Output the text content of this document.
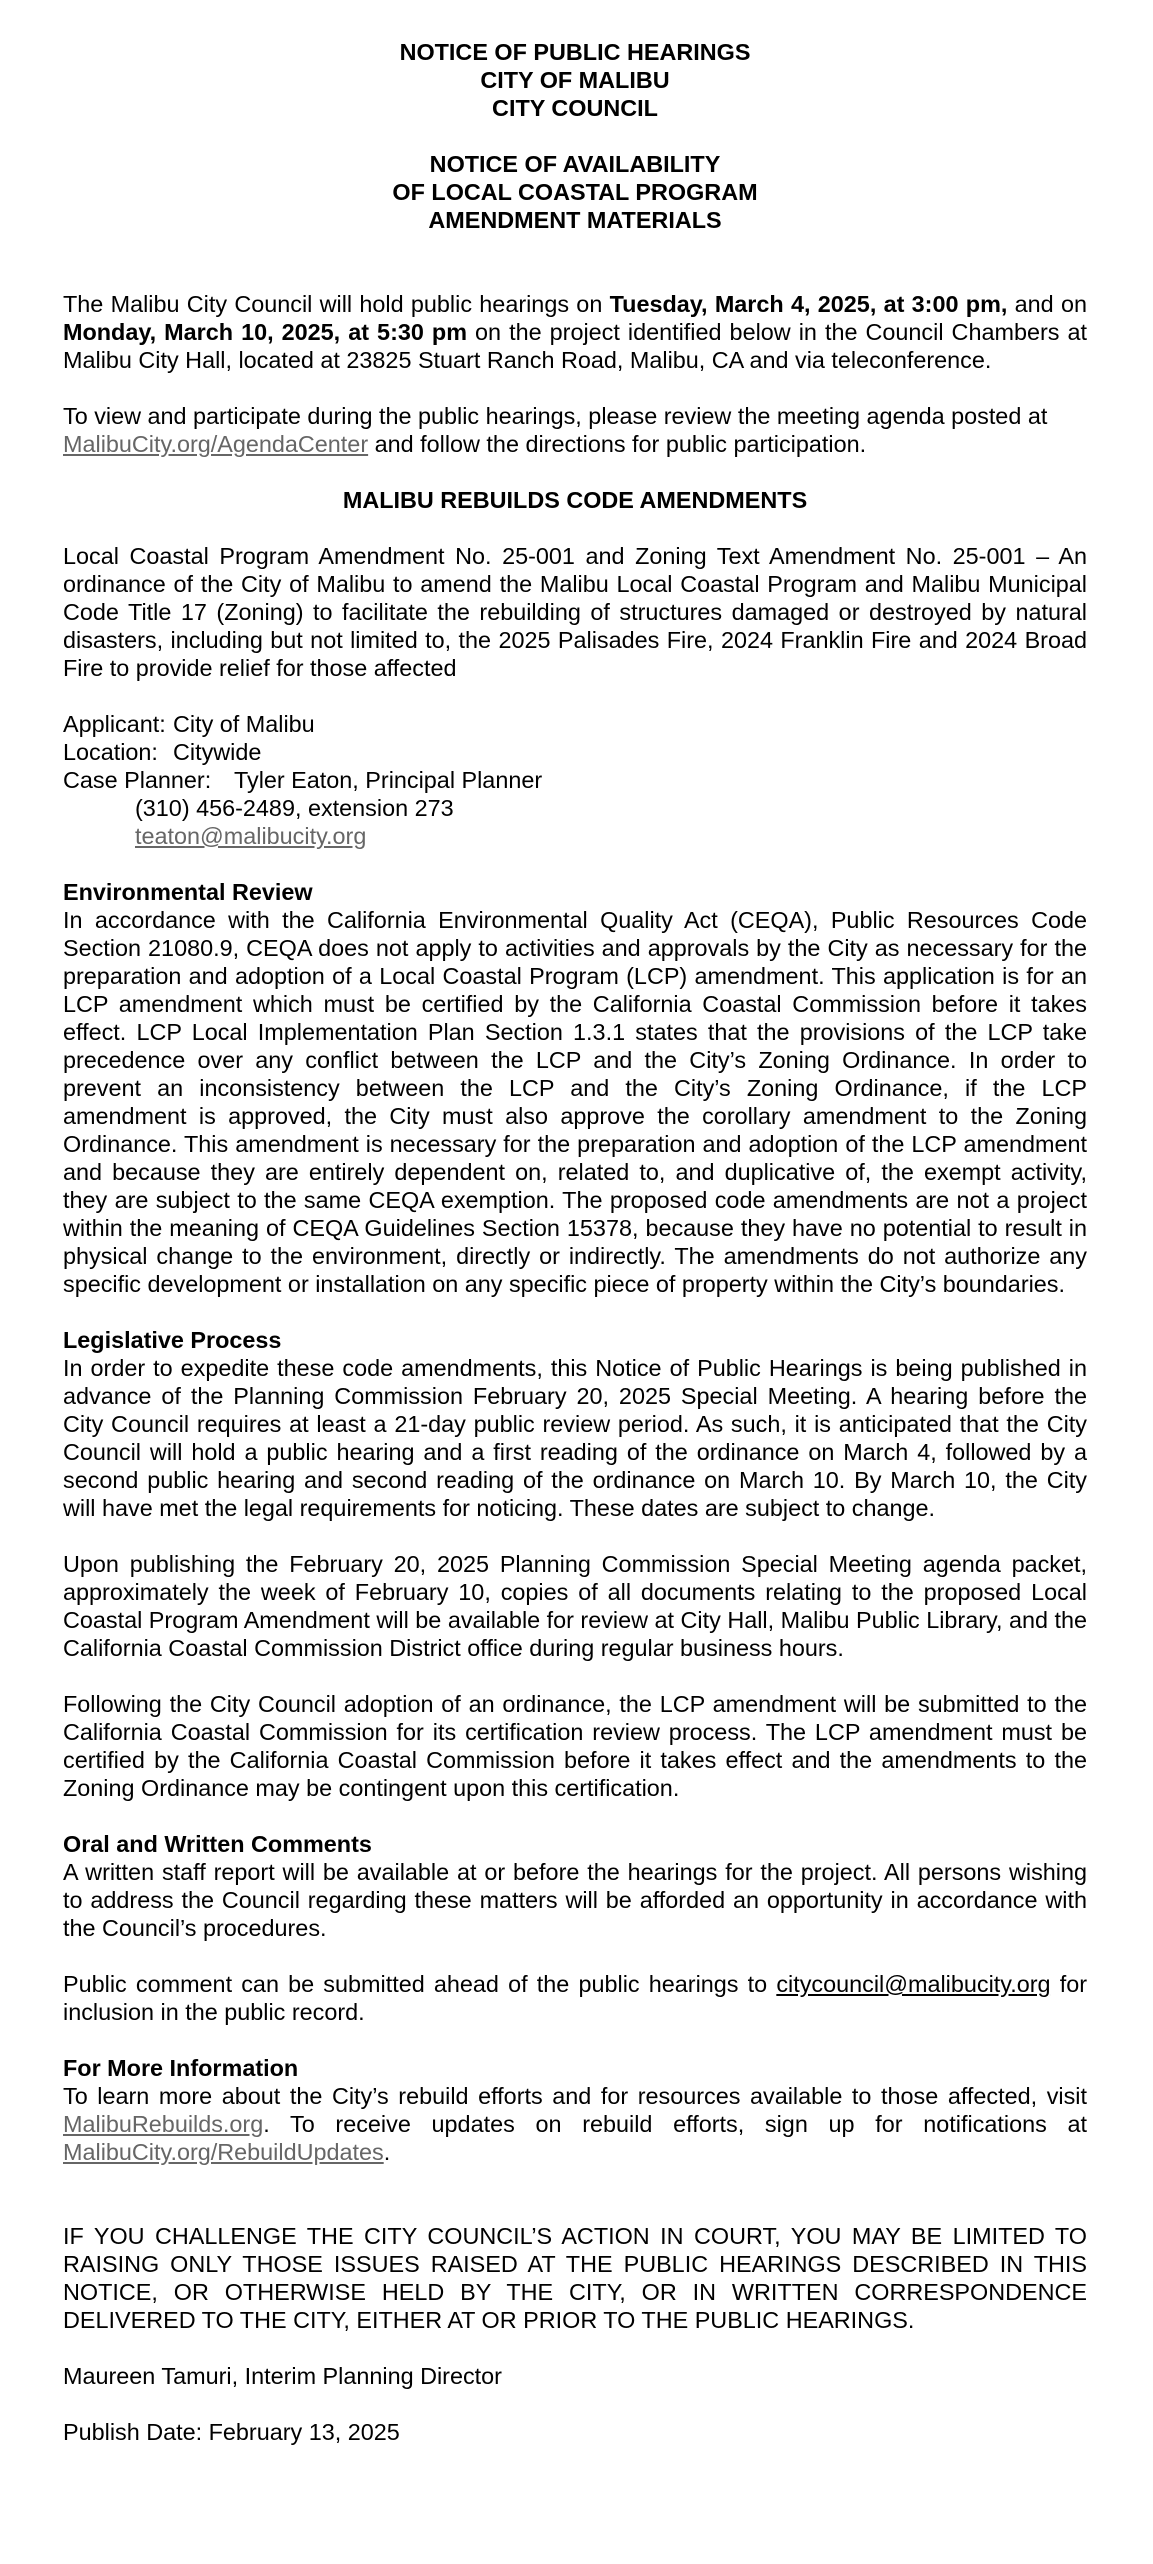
NOTICE OF PUBLIC HEARINGS
CITY OF MALIBU
CITY COUNCIL
NOTICE OF AVAILABILITY
OF LOCAL COASTAL PROGRAM
AMENDMENT MATERIALS

The Malibu City Council will hold public hearings on Tuesday, March 4, 2025, at 3:00 pm, and on Monday, March 10, 2025, at 5:30 pm on the project identified below in the Council Chambers at Malibu City Hall, located at 23825 Stuart Ranch Road, Malibu, CA and via teleconference.

To view and participate during the public hearings, please review the meeting agenda posted at MalibuCity.org/AgendaCenter and follow the directions for public participation.

MALIBU REBUILDS CODE AMENDMENTS

Local Coastal Program Amendment No. 25-001 and Zoning Text Amendment No. 25-001 – An ordinance of the City of Malibu to amend the Malibu Local Coastal Program and Malibu Municipal Code Title 17 (Zoning) to facilitate the rebuilding of structures damaged or destroyed by natural disasters, including but not limited to, the 2025 Palisades Fire, 2024 Franklin Fire and 2024 Broad Fire to provide relief for those affected

Applicant: City of Malibu
Location: Citywide
Case Planner: Tyler Eaton, Principal Planner
(310) 456-2489, extension 273
teaton@malibucity.org
Environmental Review

In accordance with the California Environmental Quality Act (CEQA), Public Resources Code Section 21080.9, CEQA does not apply to activities and approvals by the City as necessary for the preparation and adoption of a Local Coastal Program (LCP) amendment. This application is for an LCP amendment which must be certified by the California Coastal Commission before it takes effect. LCP Local Implementation Plan Section 1.3.1 states that the provisions of the LCP take precedence over any conflict between the LCP and the City’s Zoning Ordinance. In order to prevent an inconsistency between the LCP and the City’s Zoning Ordinance, if the LCP amendment is approved, the City must also approve the corollary amendment to the Zoning Ordinance. This amendment is necessary for the preparation and adoption of the LCP amendment and because they are entirely dependent on, related to, and duplicative of, the exempt activity, they are subject to the same CEQA exemption. The proposed code amendments are not a project within the meaning of CEQA Guidelines Section 15378, because they have no potential to result in physical change to the environment, directly or indirectly. The amendments do not authorize any specific development or installation on any specific piece of property within the City’s boundaries.

Legislative Process

In order to expedite these code amendments, this Notice of Public Hearings is being published in advance of the Planning Commission February 20, 2025 Special Meeting. A hearing before the City Council requires at least a 21-day public review period. As such, it is anticipated that the City Council will hold a public hearing and a first reading of the ordinance on March 4, followed by a second public hearing and second reading of the ordinance on March 10. By March 10, the City will have met the legal requirements for noticing. These dates are subject to change.

Upon publishing the February 20, 2025 Planning Commission Special Meeting agenda packet, approximately the week of February 10, copies of all documents relating to the proposed Local Coastal Program Amendment will be available for review at City Hall, Malibu Public Library, and the California Coastal Commission District office during regular business hours.

Following the City Council adoption of an ordinance, the LCP amendment will be submitted to the California Coastal Commission for its certification review process. The LCP amendment must be certified by the California Coastal Commission before it takes effect and the amendments to the Zoning Ordinance may be contingent upon this certification.

Oral and Written Comments

A written staff report will be available at or before the hearings for the project. All persons wishing to address the Council regarding these matters will be afforded an opportunity in accordance with the Council’s procedures.

Public comment can be submitted ahead of the public hearings to citycouncil@malibucity.org for inclusion in the public record.

For More Information

To learn more about the City’s rebuild efforts and for resources available to those affected, visit MalibuRebuilds.org. To receive updates on rebuild efforts, sign up for notifications at MalibuCity.org/RebuildUpdates.

IF YOU CHALLENGE THE CITY COUNCIL’S ACTION IN COURT, YOU MAY BE LIMITED TO RAISING ONLY THOSE ISSUES RAISED AT THE PUBLIC HEARINGS DESCRIBED IN THIS NOTICE, OR OTHERWISE HELD BY THE CITY, OR IN WRITTEN CORRESPONDENCE DELIVERED TO THE CITY, EITHER AT OR PRIOR TO THE PUBLIC HEARINGS.

Maureen Tamuri, Interim Planning Director
Publish Date: February 13, 2025
